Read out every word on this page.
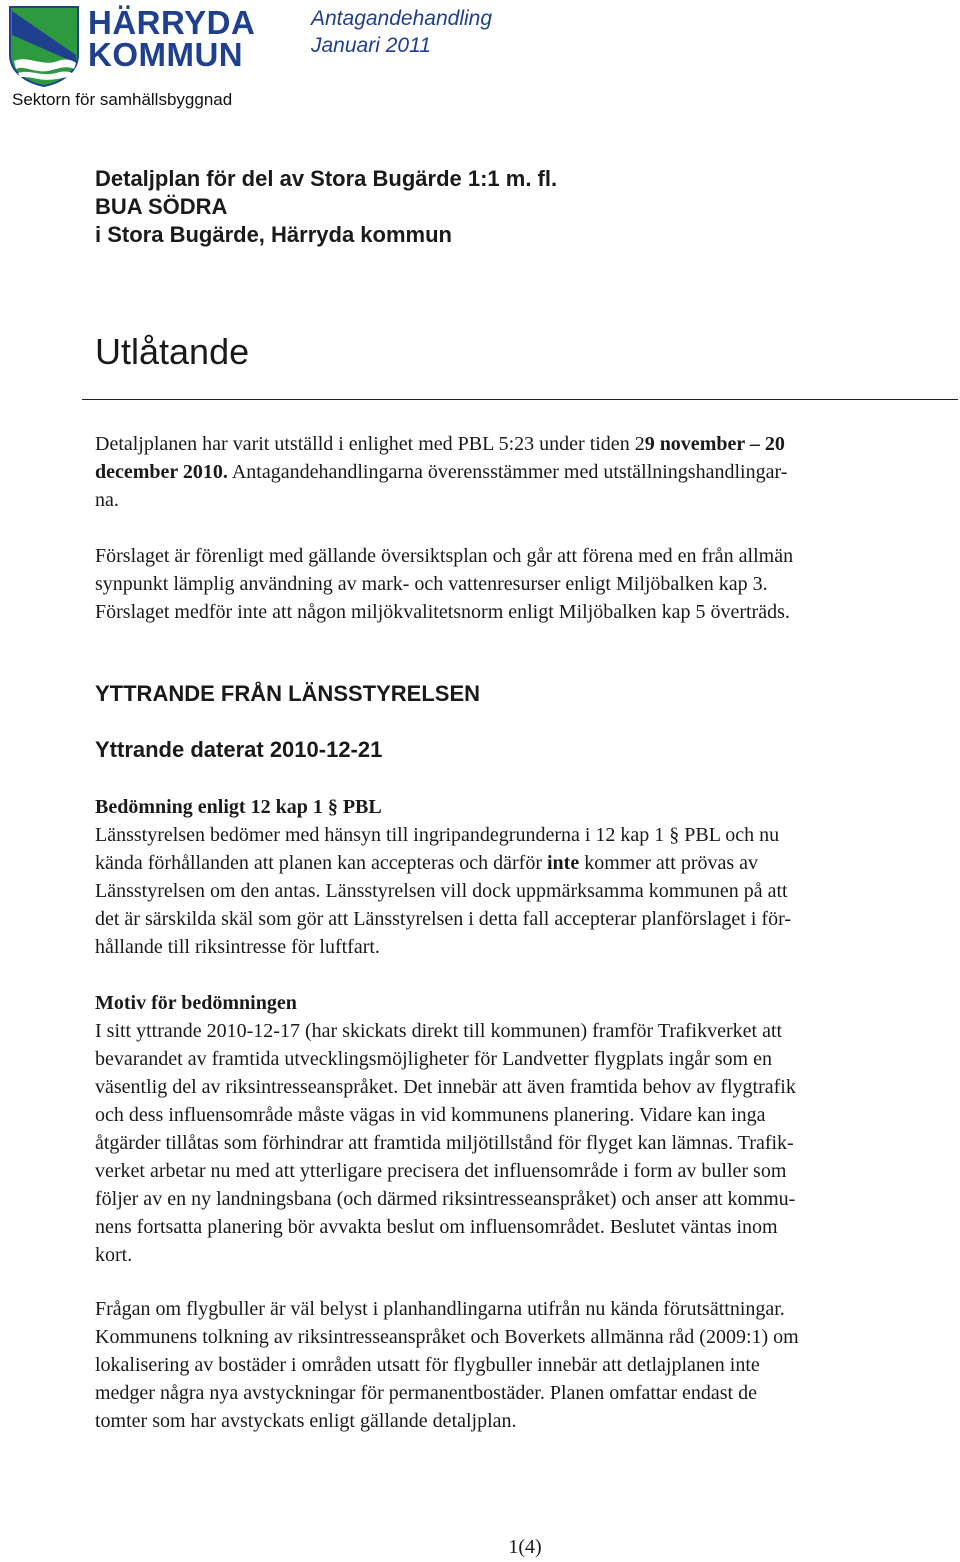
HÄRRYDA
KOMMUN
Sektorn för samhällsbyggnad
Antagandehandling
Januari 2011
Detaljplan för del av Stora Bugärde 1:1 m. fl.
BUA SÖDRA
i Stora Bugärde, Härryda kommun
Utlåtande
Detaljplanen har varit utställd i enlighet med PBL 5:23 under tiden 29 november – 20
december 2010. Antagandehandlingarna överensstämmer med utställningshandlingar-
na.
Förslaget är förenligt med gällande översiktsplan och går att förena med en från allmän
synpunkt lämplig användning av mark- och vattenresurser enligt Miljöbalken kap 3.
Förslaget medför inte att någon miljökvalitetsnorm enligt Miljöbalken kap 5 överträds.
YTTRANDE FRÅN LÄNSSTYRELSEN
Yttrande daterat 2010-12-21
Bedömning enligt 12 kap 1 § PBL
Länsstyrelsen bedömer med hänsyn till ingripandegrunderna i 12 kap 1 § PBL och nu
kända förhållanden att planen kan accepteras och därför inte kommer att prövas av
Länsstyrelsen om den antas. Länsstyrelsen vill dock uppmärksamma kommunen på att
det är särskilda skäl som gör att Länsstyrelsen i detta fall accepterar planförslaget i för-
hållande till riksintresse för luftfart.
Motiv för bedömningen
I sitt yttrande 2010-12-17 (har skickats direkt till kommunen) framför Trafikverket att
bevarandet av framtida utvecklingsmöjligheter för Landvetter flygplats ingår som en
väsentlig del av riksintresseanspråket. Det innebär att även framtida behov av flygtrafik
och dess influensområde måste vägas in vid kommunens planering. Vidare kan inga
åtgärder tillåtas som förhindrar att framtida miljötillstånd för flyget kan lämnas. Trafik-
verket arbetar nu med att ytterligare precisera det influensområde i form av buller som
följer av en ny landningsbana (och därmed riksintresseanspråket) och anser att kommu-
nens fortsatta planering bör avvakta beslut om influensområdet. Beslutet väntas inom
kort.
Frågan om flygbuller är väl belyst i planhandlingarna utifrån nu kända förutsättningar.
Kommunens tolkning av riksintresseanspråket och Boverkets allmänna råd (2009:1) om
lokalisering av bostäder i områden utsatt för flygbuller innebär att detlajplanen inte
medger några nya avstyckningar för permanentbostäder. Planen omfattar endast de
tomter som har avstyckats enligt gällande detaljplan.
1(4)
